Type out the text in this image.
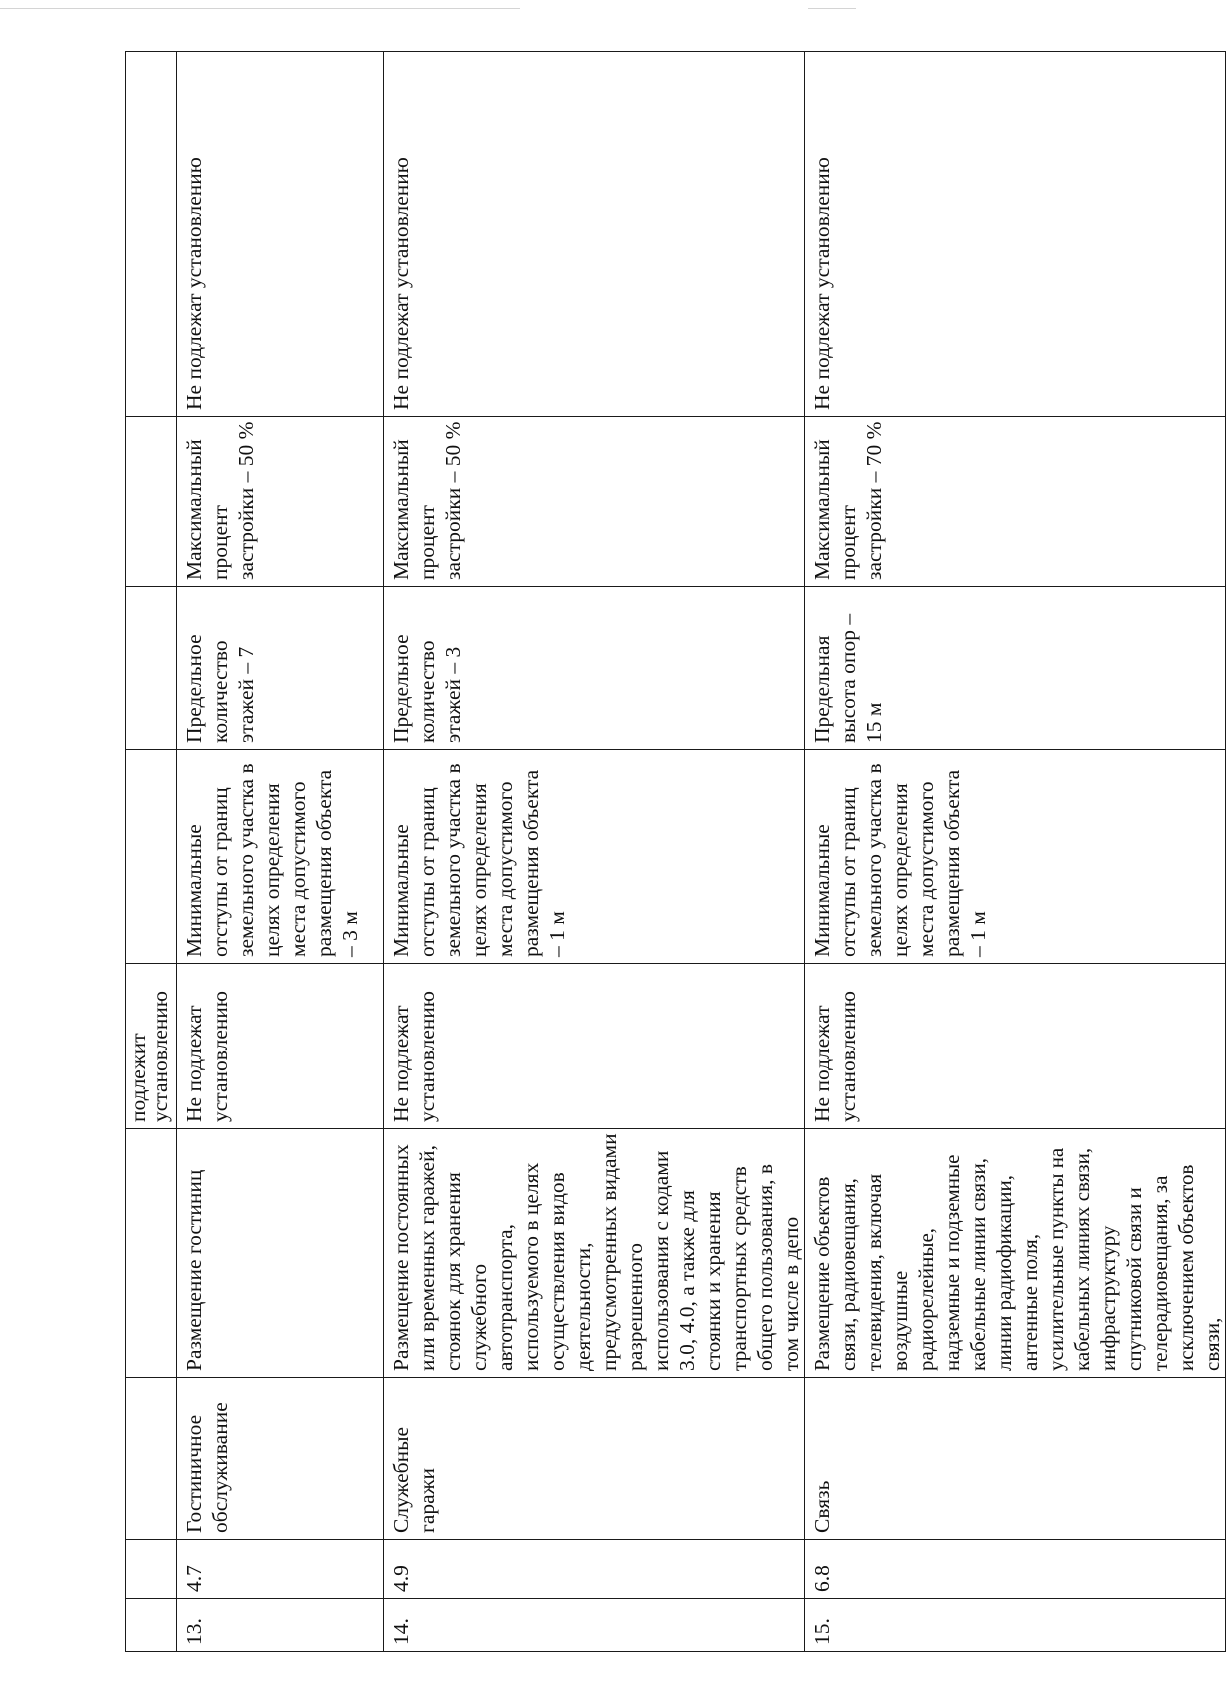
				подлежит
установлению				
13.	4.7	Гостиничное обслуживание	Размещение гостиниц	Не подлежат установлению	Минимальные отступы от границ земельного участка в целях определения места допустимого размещения объекта – 3 м	Предельное количество этажей – 7	Максимальный процент застройки – 50 %	Не подлежат установлению
14.	4.9	Служебные гаражи	Размещение постоянных или временных гаражей, стоянок для хранения служебного автотранспорта, используемого в целях осуществления видов деятельности, предусмотренных видами разрешенного использования с кодами 3.0, 4.0, а также для стоянки и хранения транспортных средств общего пользования, в том числе в депо	Не подлежат установлению	Минимальные отступы от границ земельного участка в целях определения места допустимого размещения объекта – 1 м	Предельное количество этажей – 3	Максимальный процент застройки – 50 %	Не подлежат установлению
15.	6.8	Связь	Размещение объектов связи, радиовещания, телевидения, включая воздушные радиорелейные, надземные и подземные кабельные линии связи, линии радиофикации, антенные поля, усилительные пункты на кабельных линиях связи, инфраструктуру спутниковой связи и телерадиовещания, за исключением объектов связи,	Не подлежат установлению	Минимальные отступы от границ земельного участка в целях определения места допустимого размещения объекта – 1 м	Предельная высота опор – 15 м	Максимальный процент застройки – 70 %	Не подлежат установлению
